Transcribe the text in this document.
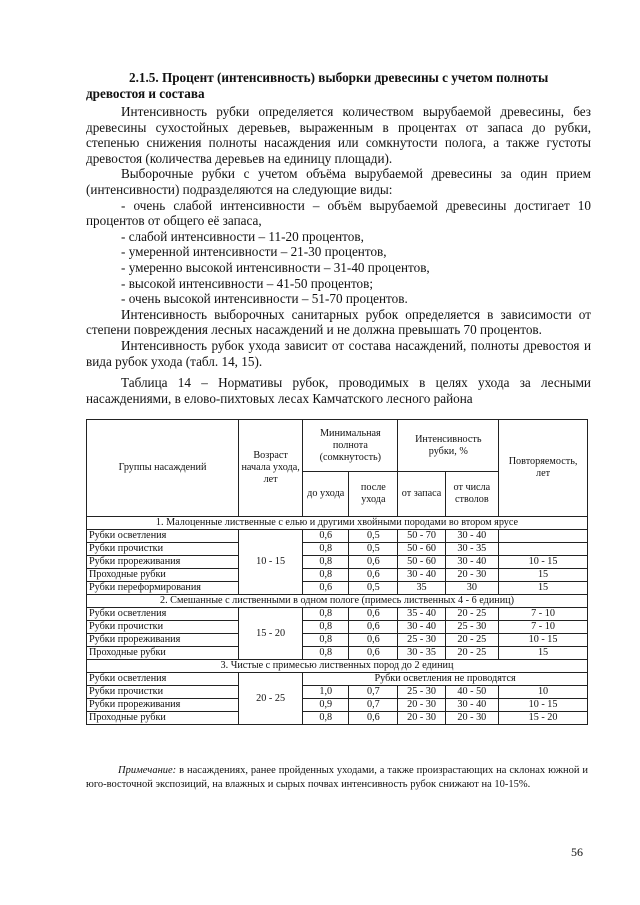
2.1.5. Процент (интенсивность) выборки древесины с учетом полноты древостоя и состава

Интенсивность рубки определяется количеством вырубаемой древесины, без древесины сухостойных деревьев, выраженным в процентах от запаса до рубки, степенью снижения полноты насаждения или сомкнутости полога, а также густоты древостоя (количества деревьев на единицу площади).

Выборочные рубки с учетом объёма вырубаемой древесины за один прием (интенсивности) подразделяются на следующие виды:

- очень слабой интенсивности – объём вырубаемой древесины достигает 10 процентов от общего её запаса,

- слабой интенсивности – 11-20 процентов,

- умеренной интенсивности – 21-30 процентов,

- умеренно высокой интенсивности – 31-40 процентов,

- высокой интенсивности – 41-50 процентов;

- очень высокой интенсивности – 51-70 процентов.

Интенсивность выборочных санитарных рубок определяется в зависимости от степени повреждения лесных насаждений и не должна превышать 70 процентов.

Интенсивность рубок ухода зависит от состава насаждений, полноты древостоя и вида рубок ухода (табл. 14, 15).

Таблица 14 – Нормативы рубок, проводимых в целях ухода за лесными насаждениями, в елово-пихтовых лесах Камчатского лесного района

Группы насаждений	Возраст начала ухода, лет	Минимальная полнота (сомкнутость)		Интенсивность рубки, %		Повторяемость, лет
		до ухода	после ухода	от запаса	от числа стволов	
1. Малоценные лиственные с елью и другими хвойными породами во втором ярусе						
Рубки осветления	10 - 15	0,6	0,5	50 - 70	30 - 40	
Рубки прочистки		0,8	0,5	50 - 60	30 - 35	
Рубки прореживания		0,8	0,6	50 - 60	30 - 40	10 - 15
Проходные рубки		0,8	0,6	30 - 40	20 - 30	15
Рубки переформирования		0,6	0,5	35	30	15
2. Смешанные с лиственными в одном пологе (примесь лиственных 4 - 6 единиц)						
Рубки осветления	15 - 20	0,8	0,6	35 - 40	20 - 25	7 - 10
Рубки прочистки		0,8	0,6	30 - 40	25 - 30	7 - 10
Рубки прореживания		0,8	0,6	25 - 30	20 - 25	10 - 15
Проходные рубки		0,8	0,6	30 - 35	20 - 25	15
3. Чистые с примесью лиственных пород до 2 единиц						
Рубки осветления	20 - 25	Рубки осветления не проводятся				
Рубки прочистки		1,0	0,7	25 - 30	40 - 50	10
Рубки прореживания		0,9	0,7	20 - 30	30 - 40	10 - 15
Проходные рубки		0,8	0,6	20 - 30	20 - 30	15 - 20
Примечание: в насаждениях, ранее пройденных уходами, а также произрастающих на склонах южной и юго-восточной экспозиций, на влажных и сырых почвах интенсивность рубок снижают на 10-15%.
56
